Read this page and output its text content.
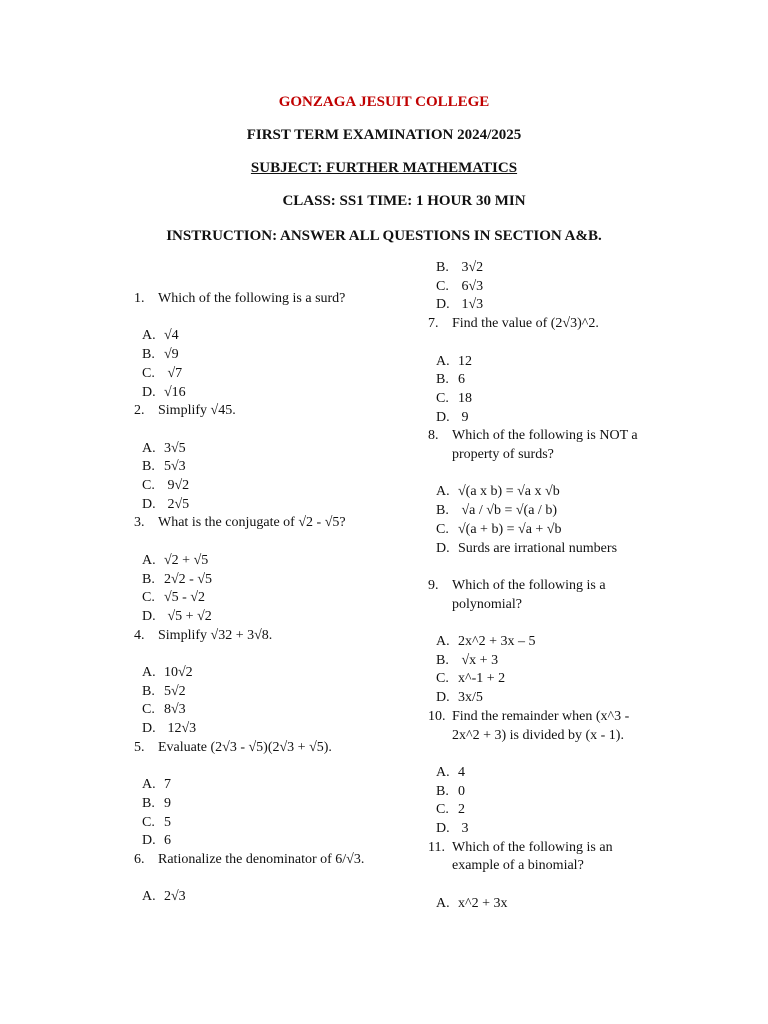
GONZAGA JESUIT COLLEGE
FIRST TERM EXAMINATION 2024/2025
SUBJECT: FURTHER MATHEMATICS
CLASS: SS1 TIME: 1 HOUR 30 MIN
INSTRUCTION: ANSWER ALL QUESTIONS IN SECTION A&B.
1. Which of the following is a surd?
A. √4
B. √9
C. √7
D. √16
2. Simplify √45.
A. 3√5
B. 5√3
C. 9√2
D. 2√5
3. What is the conjugate of √2 - √5?
A. √2 + √5
B. 2√2 - √5
C. √5 - √2
D. √5 + √2
4. Simplify √32 + 3√8.
A. 10√2
B. 5√2
C. 8√3
D. 12√3
5. Evaluate (2√3 - √5)(2√3 + √5).
A. 7
B. 9
C. 5
D. 6
6. Rationalize the denominator of 6/√3.
A. 2√3
B. 3√2
C. 6√3
D. 1√3
7. Find the value of (2√3)^2.
A. 12
B. 6
C. 18
D. 9
8. Which of the following is NOT a property of surds?
A. √(a x b) = √a x √b
B. √a / √b = √(a / b)
C. √(a + b) = √a + √b
D. Surds are irrational numbers
9. Which of the following is a polynomial?
A. 2x^2 + 3x – 5
B. √x + 3
C. x^-1 + 2
D. 3x/5
10. Find the remainder when (x^3 - 2x^2 + 3) is divided by (x - 1).
A. 4
B. 0
C. 2
D. 3
11. Which of the following is an example of a binomial?
A. x^2 + 3x
